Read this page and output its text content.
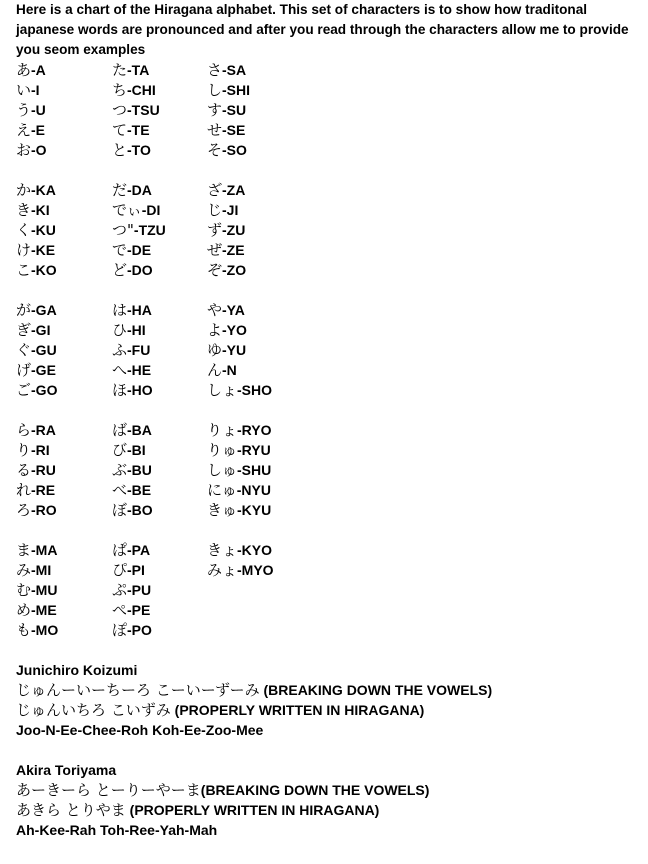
Here is a chart of the Hiragana alphabet. This set of characters is to show how traditonal japanese words are pronounced and after you read through the characters allow me to provide you seom examples

あ-A	た-TA	さ-SA
い-I	ち-CHI	し-SHI
う-U	つ-TSU	す-SU
え-E	て-TE	せ-SE
お-O	と-TO	そ-SO
か-KA	だ-DA	ざ-ZA
き-KI	でぃ-DI	じ-JI
く-KU	つ"-TZU	ず-ZU
け-KE	で-DE	ぜ-ZE
こ-KO	ど-DO	ぞ-ZO
が-GA	は-HA	や-YA
ぎ-GI	ひ-HI	よ-YO
ぐ-GU	ふ-FU	ゆ-YU
げ-GE	へ-HE	ん-N
ご-GO	ほ-HO	しょ-SHO
ら-RA	ば-BA	りょ-RYO
り-RI	び-BI	りゅ-RYU
る-RU	ぶ-BU	しゅ-SHU
れ-RE	べ-BE	にゅ-NYU
ろ-RO	ぼ-BO	きゅ-KYU
ま-MA	ぱ-PA	きょ-KYO
み-MI	ぴ-PI	みょ-MYO
む-MU	ぷ-PU
め-ME	ぺ-PE
も-MO	ぽ-PO
Junichiro Koizumi
じゅんーいーちーろ こーいーずーみ (BREAKING DOWN THE VOWELS)
じゅんいちろ こいずみ (PROPERLY WRITTEN IN HIRAGANA)
Joo-N-Ee-Chee-Roh Koh-Ee-Zoo-Mee
Akira Toriyama
あーきーら とーりーやーま(BREAKING DOWN THE VOWELS)
あきら とりやま (PROPERLY WRITTEN IN HIRAGANA)
Ah-Kee-Rah Toh-Ree-Yah-Mah
